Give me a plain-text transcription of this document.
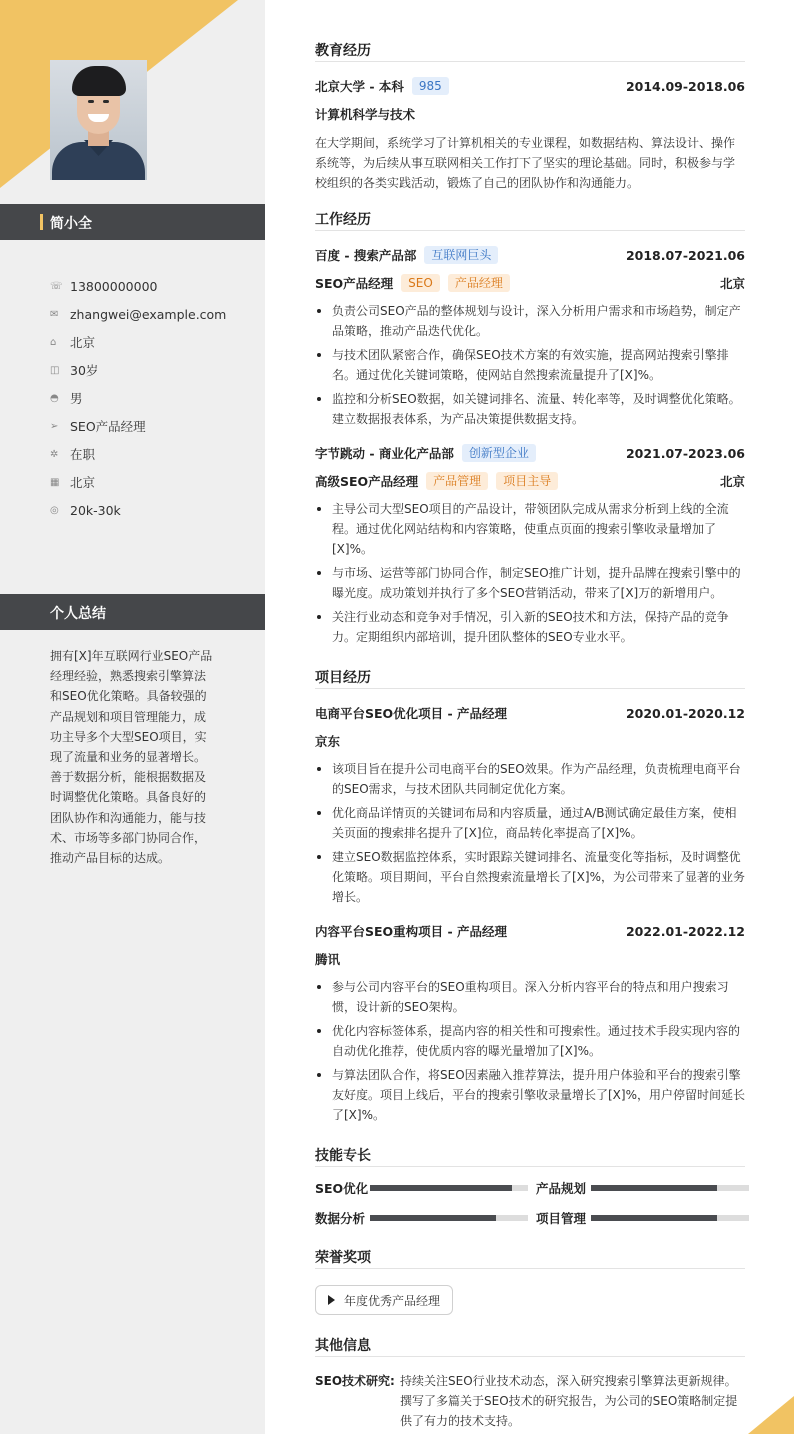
简小全
☏ 13800000000
✉ zhangwei@example.com
⌂	北京
◫ 30岁
◓ 男
➢ SEO产品经理
✲ 在职
▦ 北京
◎ 20k-30k
个人总结
拥有[X]年互联网行业SEO产品经理经验，熟悉搜索引擎算法和SEO优化策略。具备较强的产品规划和项目管理能力，成功主导多个大型SEO项目，实现了流量和业务的显著增长。善于数据分析，能根据数据及时调整优化策略。具备良好的团队协作和沟通能力，能与技术、市场等多部门协同合作，推动产品目标的达成。
教育经历
北京大学 - 本科	985	2014.09-2018.06
计算机科学与技术
在大学期间，系统学习了计算机相关的专业课程，如数据结构、算法设计、操作系统等，为后续从事互联网相关工作打下了坚实的理论基础。同时，积极参与学校组织的各类实践活动，锻炼了自己的团队协作和沟通能力。
工作经历
百度 - 搜索产品部	互联网巨头	2018.07-2021.06
SEO产品经理	SEO	产品经理	北京
负责公司SEO产品的整体规划与设计，深入分析用户需求和市场趋势，制定产品策略，推动产品迭代优化。
与技术团队紧密合作，确保SEO技术方案的有效实施，提高网站搜索引擎排名。通过优化关键词策略，使网站自然搜索流量提升了[X]%。
监控和分析SEO数据，如关键词排名、流量、转化率等，及时调整优化策略。建立数据报表体系，为产品决策提供数据支持。
字节跳动 - 商业化产品部	创新型企业	2021.07-2023.06
高级SEO产品经理	产品管理	项目主导	北京
主导公司大型SEO项目的产品设计，带领团队完成从需求分析到上线的全流程。通过优化网站结构和内容策略，使重点页面的搜索引擎收录量增加了[X]%。
与市场、运营等部门协同合作，制定SEO推广计划，提升品牌在搜索引擎中的曝光度。成功策划并执行了多个SEO营销活动，带来了[X]万的新增用户。
关注行业动态和竞争对手情况，引入新的SEO技术和方法，保持产品的竞争力。定期组织内部培训，提升团队整体的SEO专业水平。
项目经历
电商平台SEO优化项目 - 产品经理	2020.01-2020.12
京东
该项目旨在提升公司电商平台的SEO效果。作为产品经理，负责梳理电商平台的SEO需求，与技术团队共同制定优化方案。
优化商品详情页的关键词布局和内容质量，通过A/B测试确定最佳方案，使相关页面的搜索排名提升了[X]位，商品转化率提高了[X]%。
建立SEO数据监控体系，实时跟踪关键词排名、流量变化等指标，及时调整优化策略。项目期间，平台自然搜索流量增长了[X]%，为公司带来了显著的业务增长。
内容平台SEO重构项目 - 产品经理	2022.01-2022.12
腾讯
参与公司内容平台的SEO重构项目。深入分析内容平台的特点和用户搜索习惯，设计新的SEO架构。
优化内容标签体系，提高内容的相关性和可搜索性。通过技术手段实现内容的自动优化推荐，使优质内容的曝光量增加了[X]%。
与算法团队合作，将SEO因素融入推荐算法，提升用户体验和平台的搜索引擎友好度。项目上线后，平台的搜索引擎收录量增长了[X]%，用户停留时间延长了[X]%。
技能专长
SEO优化	产品规划
数据分析	项目管理
荣誉奖项
年度优秀产品经理
其他信息
SEO技术研究: 持续关注SEO行业技术动态，深入研究搜索引擎算法更新规律。撰写了多篇关于SEO技术的研究报告，为公司的SEO策略制定提供了有力的技术支持。
